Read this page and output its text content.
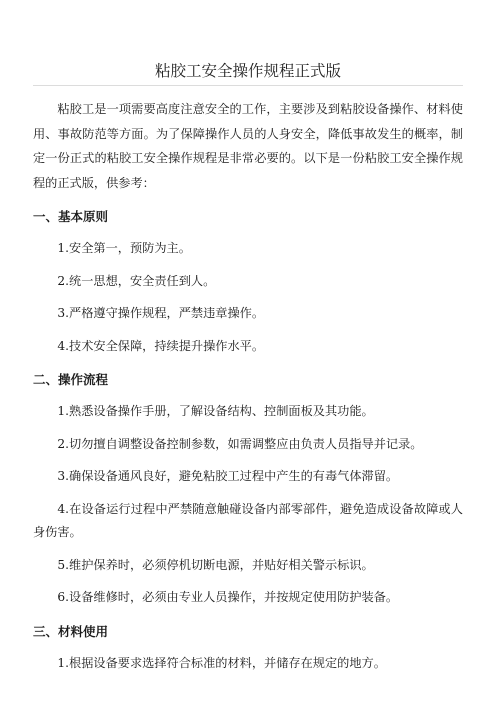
粘胶工安全操作规程正式版

粘胶工是一项需要高度注意安全的工作，主要涉及到粘胶设备操作、材料使用、事故防范等方面。为了保障操作人员的人身安全，降低事故发生的概率，制定一份正式的粘胶工安全操作规程是非常必要的。以下是一份粘胶工安全操作规程的正式版，供参考：

一、基本原则

1.安全第一，预防为主。

2.统一思想，安全责任到人。

3.严格遵守操作规程，严禁违章操作。

4.技术安全保障，持续提升操作水平。

二、操作流程

1.熟悉设备操作手册，了解设备结构、控制面板及其功能。

2.切勿擅自调整设备控制参数，如需调整应由负责人员指导并记录。

3.确保设备通风良好，避免粘胶工过程中产生的有毒气体滞留。

4.在设备运行过程中严禁随意触碰设备内部零部件，避免造成设备故障或人身伤害。

5.维护保养时，必须停机切断电源，并贴好相关警示标识。

6.设备维修时，必须由专业人员操作，并按规定使用防护装备。

三、材料使用

1.根据设备要求选择符合标准的材料，并储存在规定的地方。
